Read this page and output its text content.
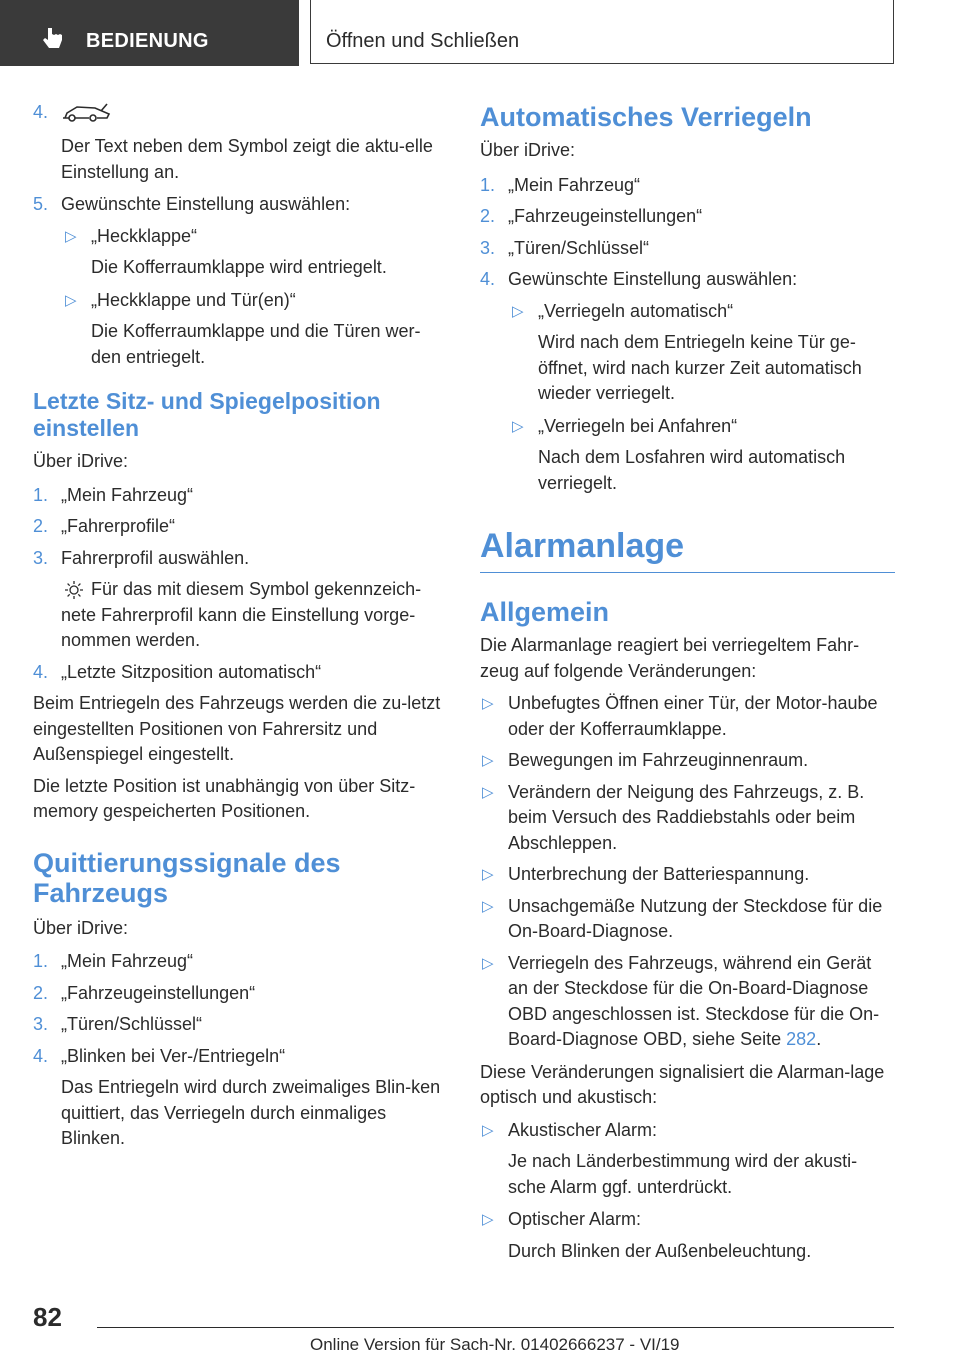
BEDIENUNG	Öffnen und Schließen
4.
Der Text neben dem Symbol zeigt die aktu-elle Einstellung an.
5. Gewünschte Einstellung auswählen:
▷ „Heckklappe“
Die Kofferraumklappe wird entriegelt.
▷ „Heckklappe und Tür(en)“
Die Kofferraumklappe und die Türen wer-den entriegelt.
Letzte Sitz- und Spiegelposition einstellen
Über iDrive:
1. „Mein Fahrzeug“
2. „Fahrerprofile“
3. Fahrerprofil auswählen.
Für das mit diesem Symbol gekennzeich-nete Fahrerprofil kann die Einstellung vorge-nommen werden.
4. „Letzte Sitzposition automatisch“
Beim Entriegeln des Fahrzeugs werden die zu-letzt eingestellten Positionen von Fahrersitz und Außenspiegel eingestellt.
Die letzte Position ist unabhängig von über Sitz-memory gespeicherten Positionen.
Quittierungssignale des Fahrzeugs
Über iDrive:
1. „Mein Fahrzeug“
2. „Fahrzeugeinstellungen“
3. „Türen/Schlüssel“
4. „Blinken bei Ver-/Entriegeln“
Das Entriegeln wird durch zweimaliges Blin-ken quittiert, das Verriegeln durch einmaliges Blinken.
Automatisches Verriegeln
Über iDrive:
1. „Mein Fahrzeug“
2. „Fahrzeugeinstellungen“
3. „Türen/Schlüssel“
4. Gewünschte Einstellung auswählen:
▷ „Verriegeln automatisch“
Wird nach dem Entriegeln keine Tür ge-öffnet, wird nach kurzer Zeit automatisch wieder verriegelt.
▷ „Verriegeln bei Anfahren“
Nach dem Losfahren wird automatisch verriegelt.
Alarmanlage
Allgemein
Die Alarmanlage reagiert bei verriegeltem Fahr-zeug auf folgende Veränderungen:
▷ Unbefugtes Öffnen einer Tür, der Motor-haube oder der Kofferraumklappe.
▷ Bewegungen im Fahrzeuginnenraum.
▷ Verändern der Neigung des Fahrzeugs, z. B. beim Versuch des Raddiebstahls oder beim Abschleppen.
▷ Unterbrechung der Batteriespannung.
▷ Unsachgemäße Nutzung der Steckdose für die On-Board-Diagnose.
▷ Verriegeln des Fahrzeugs, während ein Gerät an der Steckdose für die On-Board-Diagnose OBD angeschlossen ist. Steckdose für die On-Board-Diagnose OBD, siehe Seite 282.
Diese Veränderungen signalisiert die Alarman-lage optisch und akustisch:
▷ Akustischer Alarm:
Je nach Länderbestimmung wird der akusti-sche Alarm ggf. unterdrückt.
▷ Optischer Alarm:
Durch Blinken der Außenbeleuchtung.
82
Online Version für Sach-Nr. 01402666237 - VI/19
